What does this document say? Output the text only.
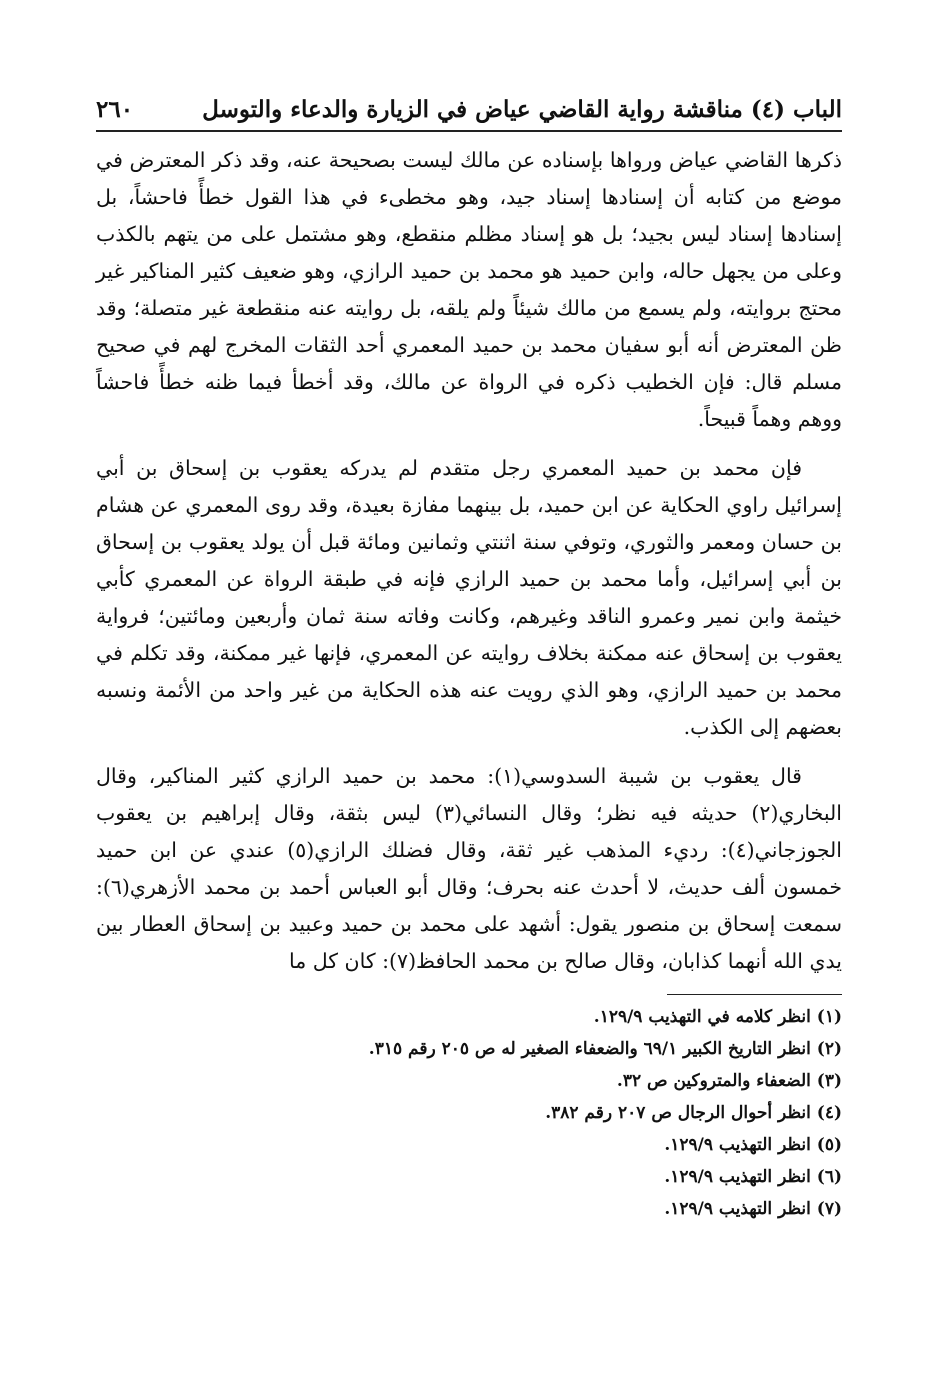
الباب (٤) مناقشة رواية القاضي عياض في الزيارة والدعاء والتوسل
٢٦٠

ذكرها القاضي عياض ورواها بإسناده عن مالك ليست بصحيحة عنه، وقد ذكر المعترض في موضع من كتابه أن إسنادها إسناد جيد، وهو مخطىء في هذا القول خطأً فاحشاً، بل إسنادها إسناد ليس بجيد؛ بل هو إسناد مظلم منقطع، وهو مشتمل على من يتهم بالكذب وعلى من يجهل حاله، وابن حميد هو محمد بن حميد الرازي، وهو ضعيف كثير المناكير غير محتج بروايته، ولم يسمع من مالك شيئاً ولم يلقه، بل روايته عنه منقطعة غير متصلة؛ وقد ظن المعترض أنه أبو سفيان محمد بن حميد المعمري أحد الثقات المخرج لهم في صحيح مسلم قال: فإن الخطيب ذكره في الرواة عن مالك، وقد أخطأ فيما ظنه خطأً فاحشاً ووهم وهماً قبيحاً.

فإن محمد بن حميد المعمري رجل متقدم لم يدركه يعقوب بن إسحاق بن أبي إسرائيل راوي الحكاية عن ابن حميد، بل بينهما مفازة بعيدة، وقد روى المعمري عن هشام بن حسان ومعمر والثوري، وتوفي سنة اثنتي وثمانين ومائة قبل أن يولد يعقوب بن إسحاق بن أبي إسرائيل، وأما محمد بن حميد الرازي فإنه في طبقة الرواة عن المعمري كأبي خيثمة وابن نمير وعمرو الناقد وغيرهم، وكانت وفاته سنة ثمان وأربعين ومائتين؛ فرواية يعقوب بن إسحاق عنه ممكنة بخلاف روايته عن المعمري، فإنها غير ممكنة، وقد تكلم في محمد بن حميد الرازي، وهو الذي رويت عنه هذه الحكاية من غير واحد من الأئمة ونسبه بعضهم إلى الكذب.

قال يعقوب بن شيبة السدوسي(١): محمد بن حميد الرازي كثير المناكير، وقال البخاري(٢) حديثه فيه نظر؛ وقال النسائي(٣) ليس بثقة، وقال إبراهيم بن يعقوب الجوزجاني(٤): رديء المذهب غير ثقة، وقال فضلك الرازي(٥) عندي عن ابن حميد خمسون ألف حديث، لا أحدث عنه بحرف؛ وقال أبو العباس أحمد بن محمد الأزهري(٦): سمعت إسحاق بن منصور يقول: أشهد على محمد بن حميد وعبيد بن إسحاق العطار بين يدي الله أنهما كذابان، وقال صالح بن محمد الحافظ(٧): كان كل ما

(١) انظر كلامه في التهذيب ١٢٩/٩.
(٢) انظر التاريخ الكبير ٦٩/١ والضعفاء الصغير له ص ٢٠٥ رقم ٣١٥.
(٣) الضعفاء والمتروكين ص ٣٢.
(٤) انظر أحوال الرجال ص ٢٠٧ رقم ٣٨٢.
(٥) انظر التهذيب ١٢٩/٩.
(٦) انظر التهذيب ١٢٩/٩.
(٧) انظر التهذيب ١٢٩/٩.
